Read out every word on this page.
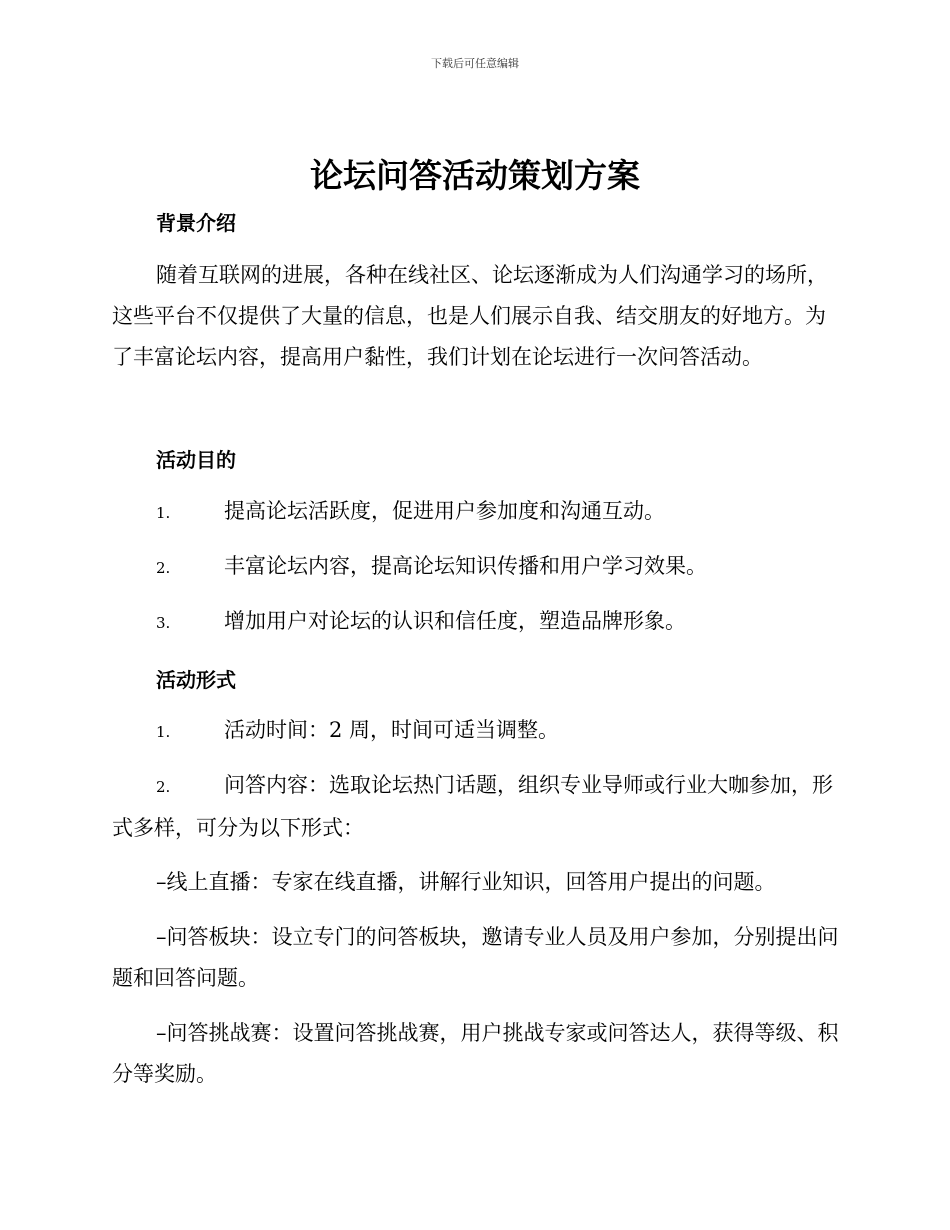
下载后可任意编辑
论坛问答活动策划方案
背景介绍

随着互联网的进展，各种在线社区、论坛逐渐成为人们沟通学习的场所，这些平台不仅提供了大量的信息，也是人们展示自我、结交朋友的好地方。为了丰富论坛内容，提高用户黏性，我们计划在论坛进行一次问答活动。

活动目的
1.	提高论坛活跃度，促进用户参加度和沟通互动。
2.	丰富论坛内容，提高论坛知识传播和用户学习效果。
3.	增加用户对论坛的认识和信任度，塑造品牌形象。
活动形式
1.	活动时间：2 周，时间可适当调整。

2.	问答内容：选取论坛热门话题，组织专业导师或行业大咖参加，形式多样，可分为以下形式：

–线上直播：专家在线直播，讲解行业知识，回答用户提出的问题。

–问答板块：设立专门的问答板块，邀请专业人员及用户参加，分别提出问题和回答问题。

–问答挑战赛：设置问答挑战赛，用户挑战专家或问答达人，获得等级、积分等奖励。
